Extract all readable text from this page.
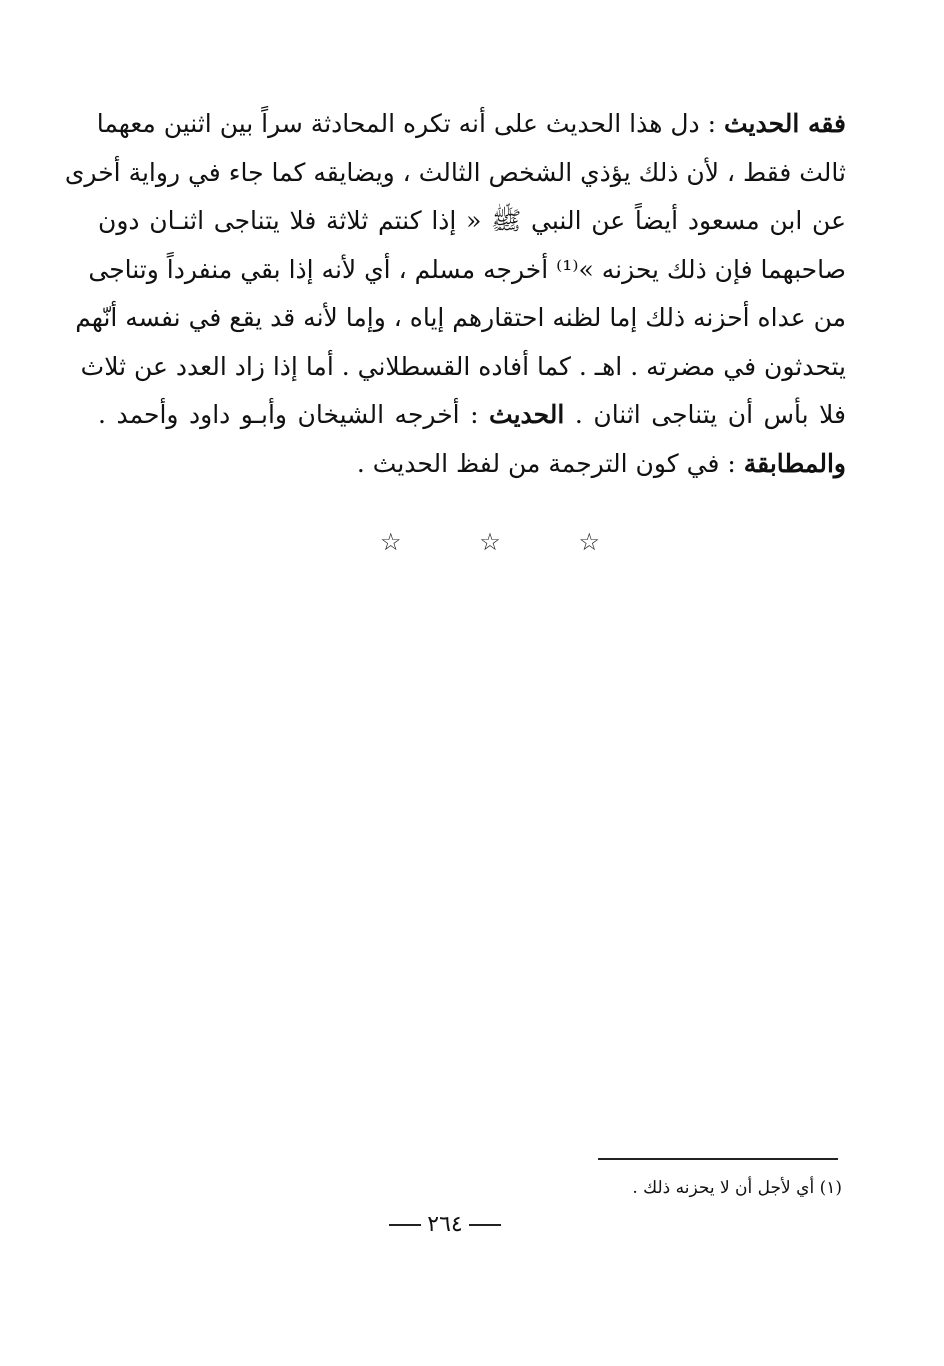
فقه الحديث : دل هذا الحديث على أنه تكره المحادثة سراً بين اثنين معهما
ثالث فقط ، لأن ذلك يؤذي الشخص الثالث ، ويضايقه كما جاء في رواية أخرى
عن ابن مسعود أيضاً عن النبي ﷺ « إذا كنتم ثلاثة فلا يتناجى اثنـان دون
صاحبهما فإن ذلك يحزنه »⁽¹⁾ أخرجه مسلم ، أي لأنه إذا بقي منفرداً وتناجى
من عداه أحزنه ذلك إما لظنه احتقارهم إياه ، وإما لأنه قد يقع في نفسه أنّهم
يتحدثون في مضرته . اهـ . كما أفاده القسطلاني . أما إذا زاد العدد عن ثلاث
فلا بأس أن يتناجى اثنان . الحديث : أخرجه الشيخان وأبـو داود وأحمد .
والمطابقة : في كون الترجمة من لفظ الحديث .
☆
☆
☆
(١) أي لأجل أن لا يحزنه ذلك .
٢٦٤
